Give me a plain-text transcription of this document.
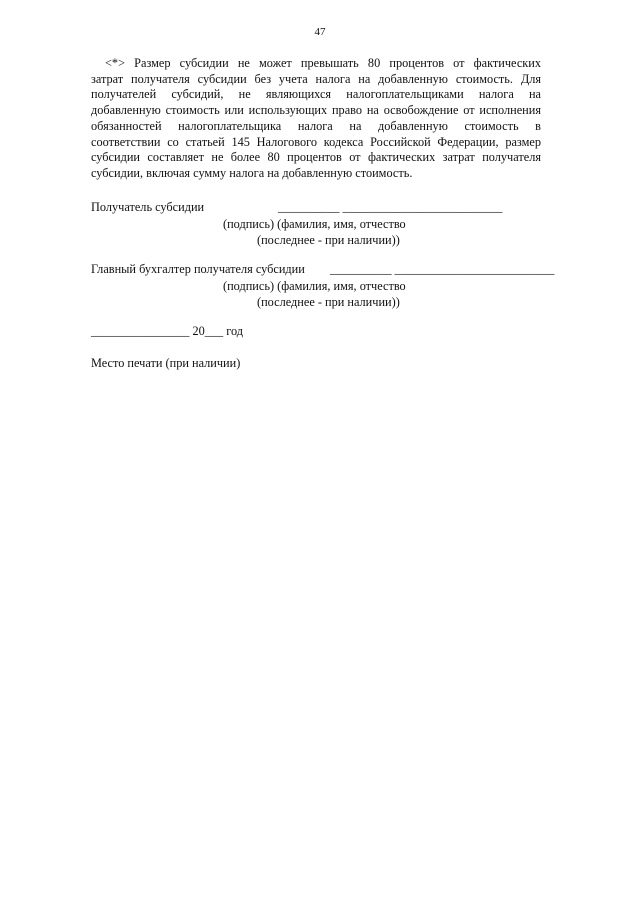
47
<*> Размер субсидии не может превышать 80 процентов от фактических
затрат получателя субсидии без учета налога на добавленную стоимость. Для
получателей субсидий, не являющихся налогоплательщиками налога на
добавленную стоимость или использующих право на освобождение от исполнения
обязанностей налогоплательщика налога на добавленную стоимость в
соответствии со статьей 145 Налогового кодекса Российской Федерации, размер
субсидии составляет не более 80 процентов от фактических затрат получателя
субсидии, включая сумму налога на добавленную стоимость.
Получатель субсидии	__________ __________________________
(подпись) (фамилия, имя, отчество
(последнее - при наличии))
Главный бухгалтер получателя субсидии __________ __________________________
(подпись) (фамилия, имя, отчество
(последнее - при наличии))
________________ 20___ год
Место печати (при наличии)
